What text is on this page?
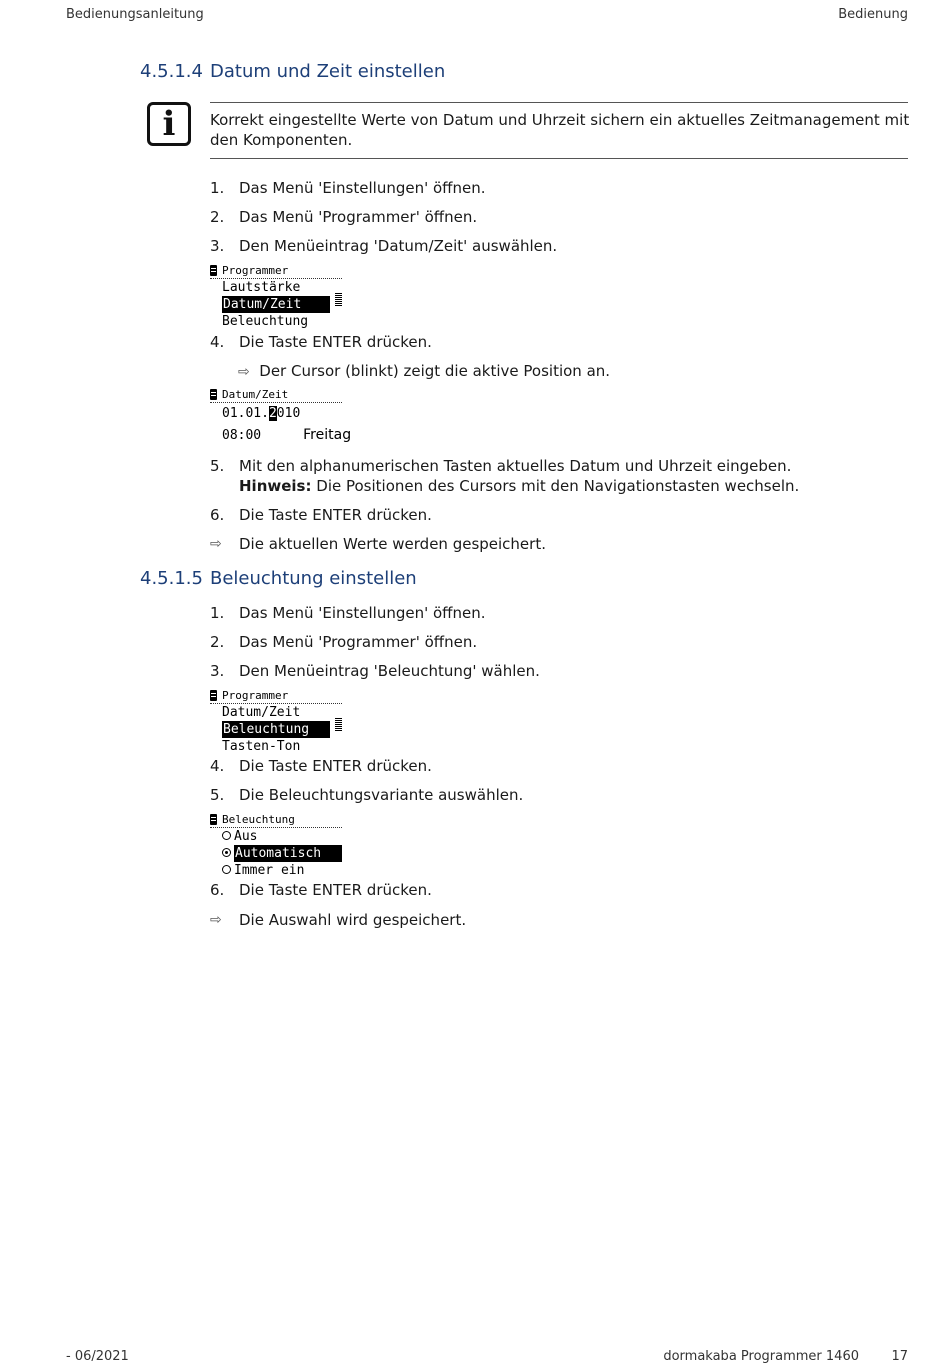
Bedienungsanleitung	Bedienung
4.5.1.4 Datum und Zeit einstellen
i Korrekt eingestellte Werte von Datum und Uhrzeit sichern ein aktuelles Zeitmanagement mit
den Komponenten.
1. Das Menü 'Einstellungen' öffnen.
2. Das Menü 'Programmer' öffnen.
3. Den Menüeintrag 'Datum/Zeit' auswählen.
Programmer
Lautstärke
Datum/Zeit
Beleuchtung
4. Die Taste ENTER drücken.
⇨ Der Cursor (blinkt) zeigt die aktive Position an.
Datum/Zeit
01.01.2010
08:00	Freitag
5. Mit den alphanumerischen Tasten aktuelles Datum und Uhrzeit eingeben.
Hinweis: Die Positionen des Cursors mit den Navigationstasten wechseln.
6. Die Taste ENTER drücken.
⇨	Die aktuellen Werte werden gespeichert.
4.5.1.5 Beleuchtung einstellen
1. Das Menü 'Einstellungen' öffnen.
2. Das Menü 'Programmer' öffnen.
3. Den Menüeintrag 'Beleuchtung' wählen.
Programmer
Datum/Zeit
Beleuchtung
Tasten-Ton
4. Die Taste ENTER drücken.
5. Die Beleuchtungsvariante auswählen.
Beleuchtung
Aus
Automatisch
Immer ein
6. Die Taste ENTER drücken.
⇨	Die Auswahl wird gespeichert.
- 06/2021	dormakaba Programmer 1460 17
